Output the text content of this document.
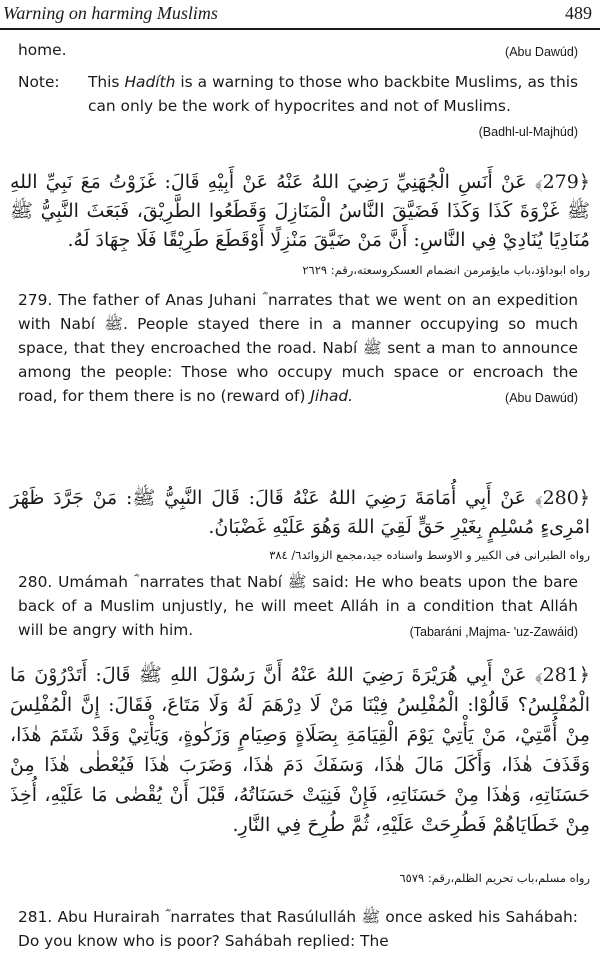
Warning on harming Muslims	489

home.	(Abu Dawúd)

Note:	This Hadíth is a warning to those who backbite Muslims, as this can only be the work of hypocrites and not of Muslims.
(Badhl-ul-Majhúd)
﴿279﴾ عَنْ أَنَسِ الْجُهَنِيِّ رَضِيَ اللهُ عَنْهُ عَنْ أَبِيْهِ قَالَ: غَزَوْتُ مَعَ نَبِيِّ اللهِ ﷺ غَزْوَةَ كَذَا وَكَذَا فَضَيَّقَ النَّاسُ الْمَنَازِلَ وَقَطَعُوا الطَّرِيْقَ، فَبَعَثَ النَّبِيُّ ﷺ مُنَادِيًا يُنَادِيْ فِي النَّاسِ: أَنَّ مَنْ ضَيَّقَ مَنْزِلًا أَوْقَطَعَ طَرِيْقًا فَلَا جِهَادَ لَهُ.
رواه ابوداؤد،باب مايؤمرمن انضمام العسكروسعته،رقم: ٢٦٢٩

279. The father of Anas Juhani ؓ narrates that we went on an expedition with Nabí ﷺ. People stayed there in a manner occupying so much space, that they encroached the road. Nabí ﷺ sent a man to announce among the people: Those who occupy much space or encroach the road, for them there is no (reward of) Jihad.	(Abu Dawúd)

﴿280﴾ عَنْ أَبِي أُمَامَةَ رَضِيَ اللهُ عَنْهُ قَالَ: قَالَ النَّبِيُّ ﷺ: مَنْ جَرَّدَ ظَهْرَ امْرِىءٍ مُسْلِمٍ بِغَيْرِ حَقٍّ لَقِيَ اللهَ وَهُوَ عَلَيْهِ غَضْبَانُ.
رواه الطبرانى فى الكبير و الاوسط واسناده جيد،مجمع الزوائد٦/ ٣٨٤

280. Umámah ؓ narrates that Nabí ﷺ said: He who beats upon the bare back of a Muslim unjustly, he will meet Alláh in a condition that Alláh will be angry with him.	(Tabaráni ,Majma- 'uz-Zawáid)

﴿281﴾ عَنْ أَبِي هُرَيْرَةَ رَضِيَ اللهُ عَنْهُ أَنَّ رَسُوْلَ اللهِ ﷺ قَالَ: أَتَدْرُوْنَ مَا الْمُفْلِسُ؟ قَالُوْا: الْمُفْلِسُ فِيْنَا مَنْ لَا دِرْهَمَ لَهُ وَلَا مَتَاعَ، فَقَالَ: إِنَّ الْمُفْلِسَ مِنْ أُمَّتِيْ، مَنْ يَأْتِيْ يَوْمَ الْقِيَامَةِ بِصَلَاةٍ وَصِيَامٍ وَزَكٰوةٍ، وَيَأْتِيْ وَقَدْ شَتَمَ هٰذَا، وَقَذَفَ هٰذَا، وَأَكَلَ مَالَ هٰذَا، وَسَفَكَ دَمَ هٰذَا، وَضَرَبَ هٰذَا فَيُعْطٰى هٰذَا مِنْ حَسَنَاتِهِ، وَهٰذَا مِنْ حَسَنَاتِهِ، فَإِنْ فَنِيَتْ حَسَنَاتُهُ، قَبْلَ أَنْ يُقْضٰى مَا عَلَيْهِ، أُخِذَ مِنْ خَطَايَاهُمْ فَطُرِحَتْ عَلَيْهِ، ثُمَّ طُرِحَ فِي النَّارِ.
رواه مسلم،باب تحريم الظلم،رقم: ٦٥٧٩

281. Abu Hurairah ؓ narrates that Rasúlulláh ﷺ once asked his Sahábah: Do you know who is poor? Sahábah replied: The
